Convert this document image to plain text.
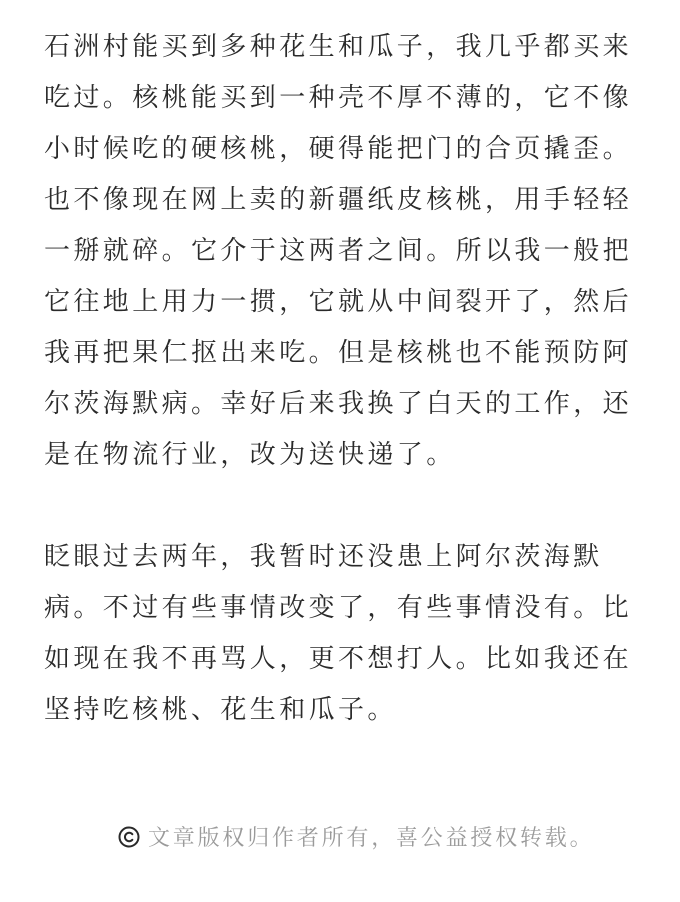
石洲村能买到多种花生和瓜子，我几乎都买来吃过。核桃能买到一种壳不厚不薄的，它不像小时候吃的硬核桃，硬得能把门的合页撬歪。也不像现在网上卖的新疆纸皮核桃，用手轻轻一掰就碎。它介于这两者之间。所以我一般把它往地上用力一掼，它就从中间裂开了，然后我再把果仁抠出来吃。但是核桃也不能预防阿尔茨海默病。幸好后来我换了白天的工作，还是在物流行业，改为送快递了。

眨眼过去两年，我暂时还没患上阿尔茨海默病。不过有些事情改变了，有些事情没有。比如现在我不再骂人，更不想打人。比如我还在坚持吃核桃、花生和瓜子。

文章版权归作者所有，喜公益授权转载。
